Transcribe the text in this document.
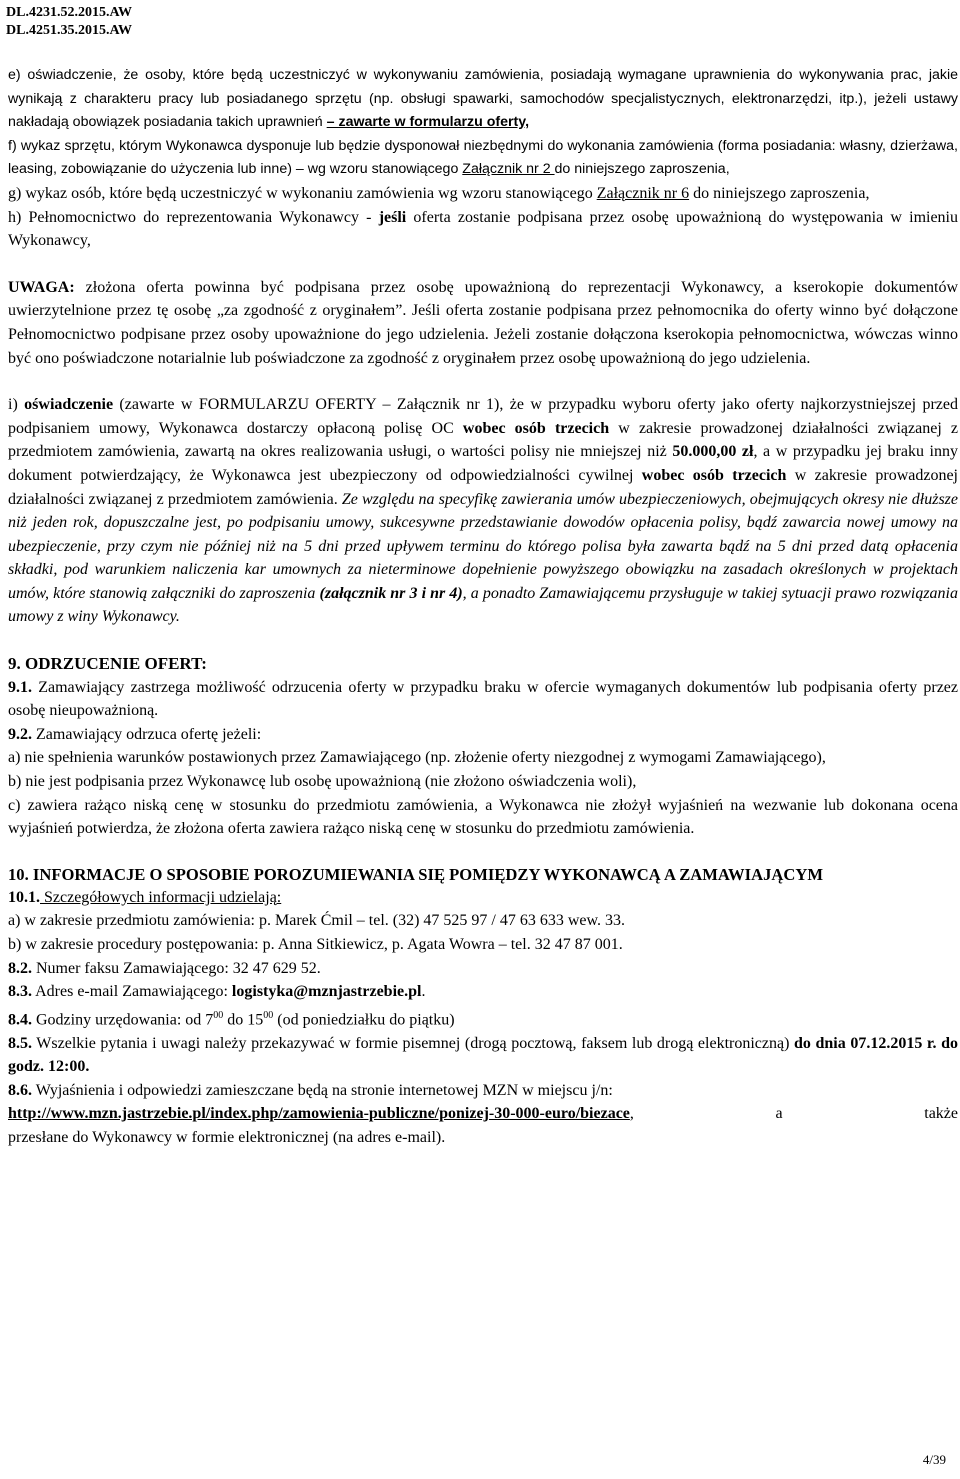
DL.4231.52.2015.AW
DL.4251.35.2015.AW

e) oświadczenie, że osoby, które będą uczestniczyć w wykonywaniu zamówienia, posiadają wymagane uprawnienia do wykonywania prac, jakie wynikają z charakteru pracy lub posiadanego sprzętu (np. obsługi spawarki, samochodów specjalistycznych, elektronarzędzi, itp.), jeżeli ustawy nakładają obowiązek posiadania takich uprawnień – zawarte w formularzu oferty,

f) wykaz sprzętu, którym Wykonawca dysponuje lub będzie dysponował niezbędnymi do wykonania zamówienia (forma posiadania: własny, dzierżawa, leasing, zobowiązanie do użyczenia lub inne) – wg wzoru stanowiącego Załącznik nr 2 do niniejszego zaproszenia,

g) wykaz osób, które będą uczestniczyć w wykonaniu zamówienia wg wzoru stanowiącego Załącznik nr 6 do niniejszego zaproszenia,

h) Pełnomocnictwo do reprezentowania Wykonawcy - jeśli oferta zostanie podpisana przez osobę upoważnioną do występowania w imieniu Wykonawcy,

UWAGA: złożona oferta powinna być podpisana przez osobę upoważnioną do reprezentacji Wykonawcy, a kserokopie dokumentów uwierzytelnione przez tę osobę „za zgodność z oryginałem”. Jeśli oferta zostanie podpisana przez pełnomocnika do oferty winno być dołączone Pełnomocnictwo podpisane przez osoby upoważnione do jego udzielenia. Jeżeli zostanie dołączona kserokopia pełnomocnictwa, wówczas winno być ono poświadczone notarialnie lub poświadczone za zgodność z oryginałem przez osobę upoważnioną do jego udzielenia.

i) oświadczenie (zawarte w FORMULARZU OFERTY – Załącznik nr 1), że w przypadku wyboru oferty jako oferty najkorzystniejszej przed podpisaniem umowy, Wykonawca dostarczy opłaconą polisę OC wobec osób trzecich w zakresie prowadzonej działalności związanej z przedmiotem zamówienia, zawartą na okres realizowania usługi, o wartości polisy nie mniejszej niż 50.000,00 zł, a w przypadku jej braku inny dokument potwierdzający, że Wykonawca jest ubezpieczony od odpowiedzialności cywilnej wobec osób trzecich w zakresie prowadzonej działalności związanej z przedmiotem zamówienia. Ze względu na specyfikę zawierania umów ubezpieczeniowych, obejmujących okresy nie dłuższe niż jeden rok, dopuszczalne jest, po podpisaniu umowy, sukcesywne przedstawianie dowodów opłacenia polisy, bądź zawarcia nowej umowy na ubezpieczenie, przy czym nie później niż na 5 dni przed upływem terminu do którego polisa była zawarta bądź na 5 dni przed datą opłacenia składki, pod warunkiem naliczenia kar umownych za nieterminowe dopełnienie powyższego obowiązku na zasadach określonych w projektach umów, które stanowią załączniki do zaproszenia (załącznik nr 3 i nr 4), a ponadto Zamawiającemu przysługuje w takiej sytuacji prawo rozwiązania umowy z winy Wykonawcy.

9. ODRZUCENIE OFERT:

9.1. Zamawiający zastrzega możliwość odrzucenia oferty w przypadku braku w ofercie wymaganych dokumentów lub podpisania oferty przez osobę nieupoważnioną.

9.2. Zamawiający odrzuca ofertę jeżeli:

a) nie spełnienia warunków postawionych przez Zamawiającego (np. złożenie oferty niezgodnej z wymogami Zamawiającego),

b) nie jest podpisania przez Wykonawcę lub osobę upoważnioną (nie złożono oświadczenia woli),

c) zawiera rażąco niską cenę w stosunku do przedmiotu zamówienia, a Wykonawca nie złożył wyjaśnień na wezwanie lub dokonana ocena wyjaśnień potwierdza, że złożona oferta zawiera rażąco niską cenę w stosunku do przedmiotu zamówienia.

10. INFORMACJE O SPOSOBIE POROZUMIEWANIA SIĘ POMIĘDZY WYKONAWCĄ A ZAMAWIAJĄCYM

10.1. Szczegółowych informacji udzielają:

a) w zakresie przedmiotu zamówienia: p. Marek Ćmil – tel. (32) 47 525 97 / 47 63 633 wew. 33.

b) w zakresie procedury postępowania: p. Anna Sitkiewicz, p. Agata Wowra – tel. 32 47 87 001.

8.2. Numer faksu Zamawiającego: 32 47 629 52.

8.3. Adres e-mail Zamawiającego: logistyka@mznjastrzebie.pl.

8.4. Godziny urzędowania: od $7^{00}$ do $15^{00}$ (od poniedziałku do piątku)

8.5. Wszelkie pytania i uwagi należy przekazywać w formie pisemnej (drogą pocztową, faksem lub drogą elektroniczną) do dnia 07.12.2015 r. do godz. 12:00.

8.6. Wyjaśnienia i odpowiedzi zamieszczane będą na stronie internetowej MZN w miejscu j/n:

http://www.mzn.jastrzebie.pl/index.php/zamowienia-publiczne/ponizej-30-000-euro/biezace, a także

przesłane do Wykonawcy w formie elektronicznej (na adres e-mail).

4/39
